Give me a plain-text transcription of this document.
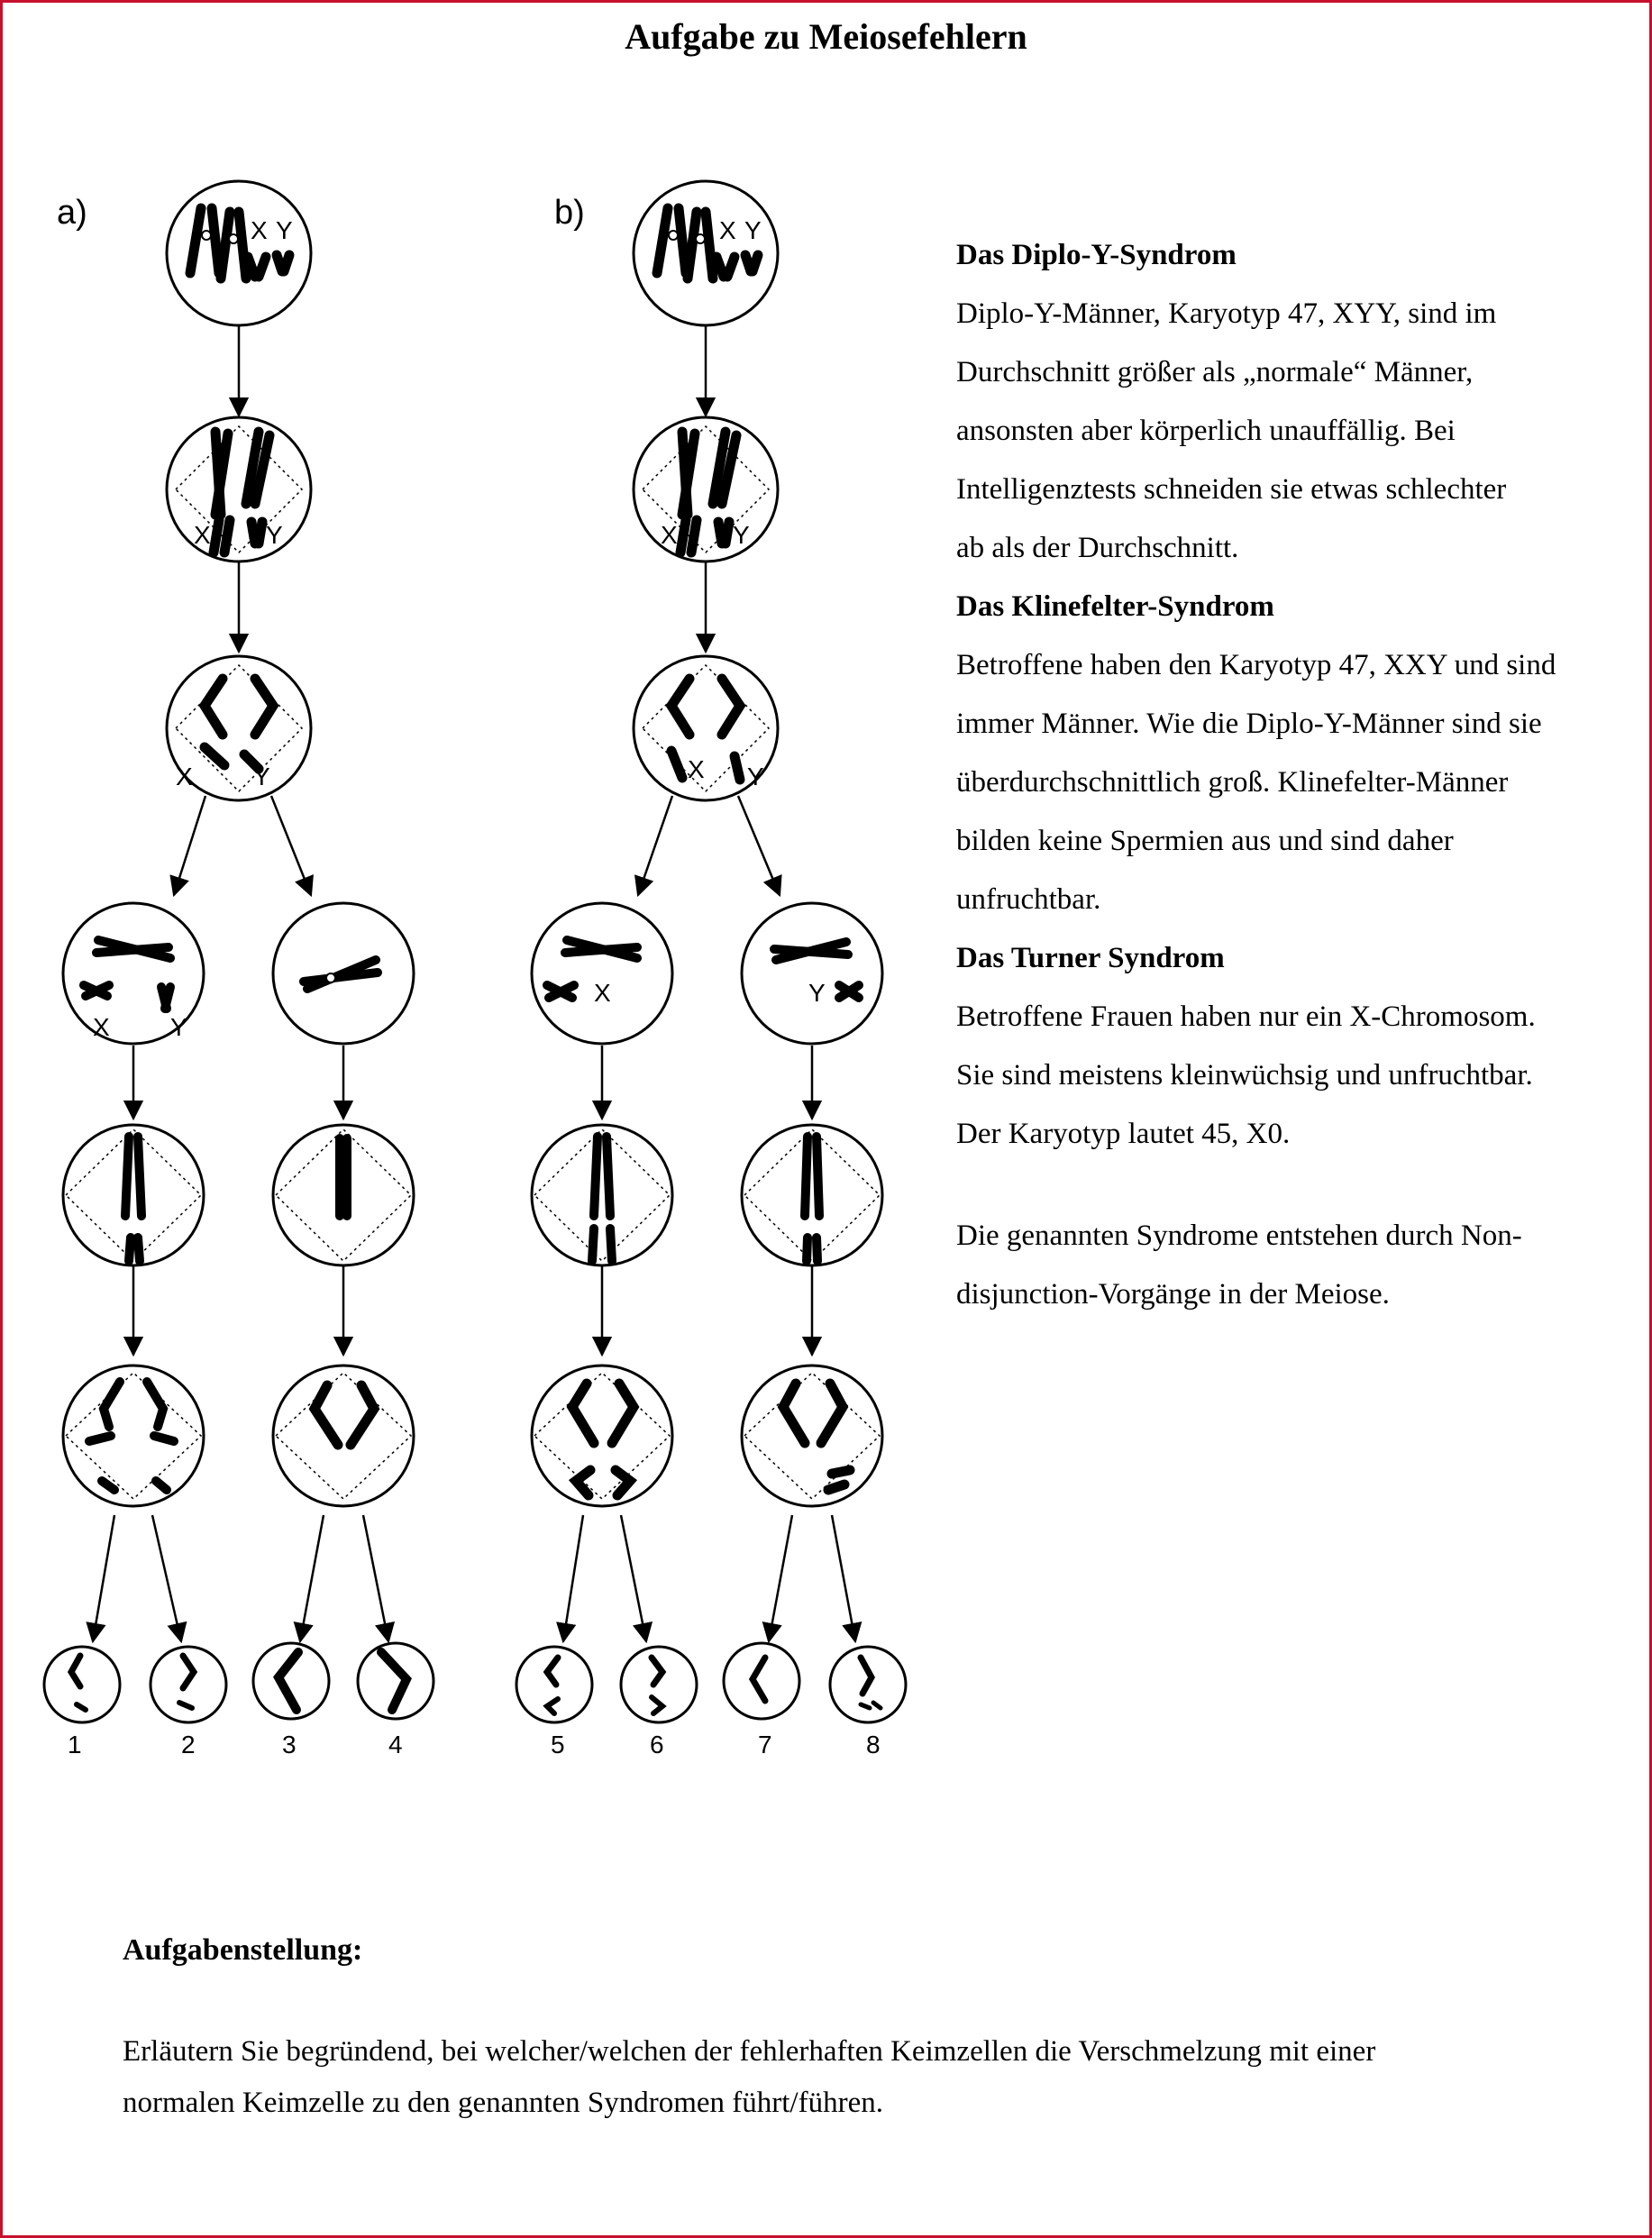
Aufgabe zu Meiosefehlern
a)	b)
X Y
X Y
X Y
X Y
X Y
X Y
X Y
X	Y
1	2	3	4	5	6	7	8
Das Diplo-Y-Syndrom
Diplo-Y-Männer, Karyotyp 47, XYY, sind im
Durchschnitt größer als „normale“ Männer,
ansonsten aber körperlich unauffällig. Bei
Intelligenztests schneiden sie etwas schlechter
ab als der Durchschnitt.
Das Klinefelter-Syndrom
Betroffene haben den Karyotyp 47, XXY und sind
immer Männer. Wie die Diplo-Y-Männer sind sie
überdurchschnittlich groß. Klinefelter-Männer
bilden keine Spermien aus und sind daher
unfruchtbar.
Das Turner Syndrom
Betroffene Frauen haben nur ein X-Chromosom.
Sie sind meistens kleinwüchsig und unfruchtbar.
Der Karyotyp lautet 45, X0.
Die genannten Syndrome entstehen durch Non-
disjunction-Vorgänge in der Meiose.
Aufgabenstellung:
Erläutern Sie begründend, bei welcher/welchen der fehlerhaften Keimzellen die Verschmelzung mit einer
normalen Keimzelle zu den genannten Syndromen führt/führen.
